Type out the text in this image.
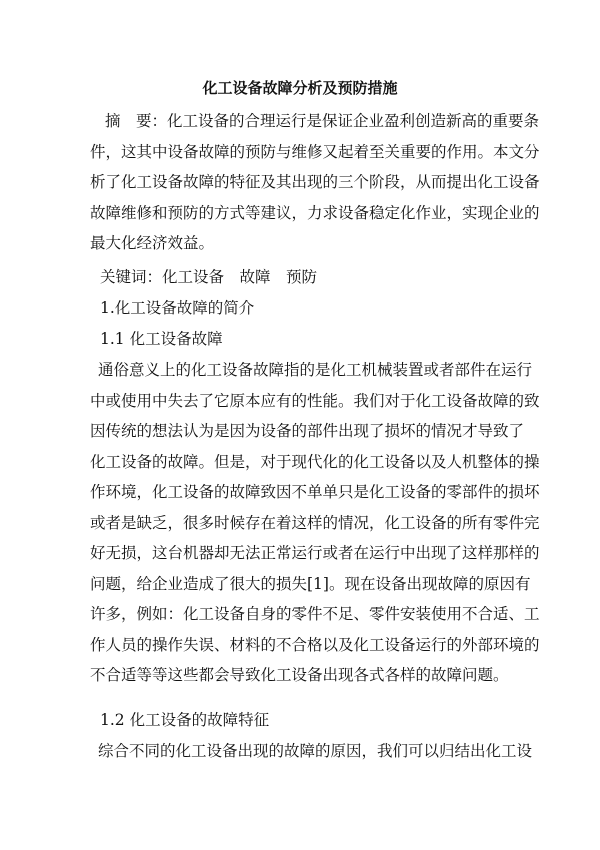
化工设备故障分析及预防措施
摘　要：化工设备的合理运行是保证企业盈利创造新高的重要条
件，这其中设备故障的预防与维修又起着至关重要的作用。本文分
析了化工设备故障的特征及其出现的三个阶段，从而提出化工设备
故障维修和预防的方式等建议，力求设备稳定化作业，实现企业的
最大化经济效益。
关键词：化工设备　故障　预防
1.化工设备故障的简介
1.1 化工设备故障
通俗意义上的化工设备故障指的是化工机械装置或者部件在运行
中或使用中失去了它原本应有的性能。我们对于化工设备故障的致
因传统的想法认为是因为设备的部件出现了损坏的情况才导致了
化工设备的故障。但是，对于现代化的化工设备以及人机整体的操
作环境，化工设备的故障致因不单单只是化工设备的零部件的损坏
或者是缺乏，很多时候存在着这样的情况，化工设备的所有零件完
好无损，这台机器却无法正常运行或者在运行中出现了这样那样的
问题，给企业造成了很大的损失[1]。现在设备出现故障的原因有
许多，例如：化工设备自身的零件不足、零件安装使用不合适、工
作人员的操作失误、材料的不合格以及化工设备运行的外部环境的
不合适等等这些都会导致化工设备出现各式各样的故障问题。
1.2 化工设备的故障特征
综合不同的化工设备出现的故障的原因，我们可以归结出化工设
